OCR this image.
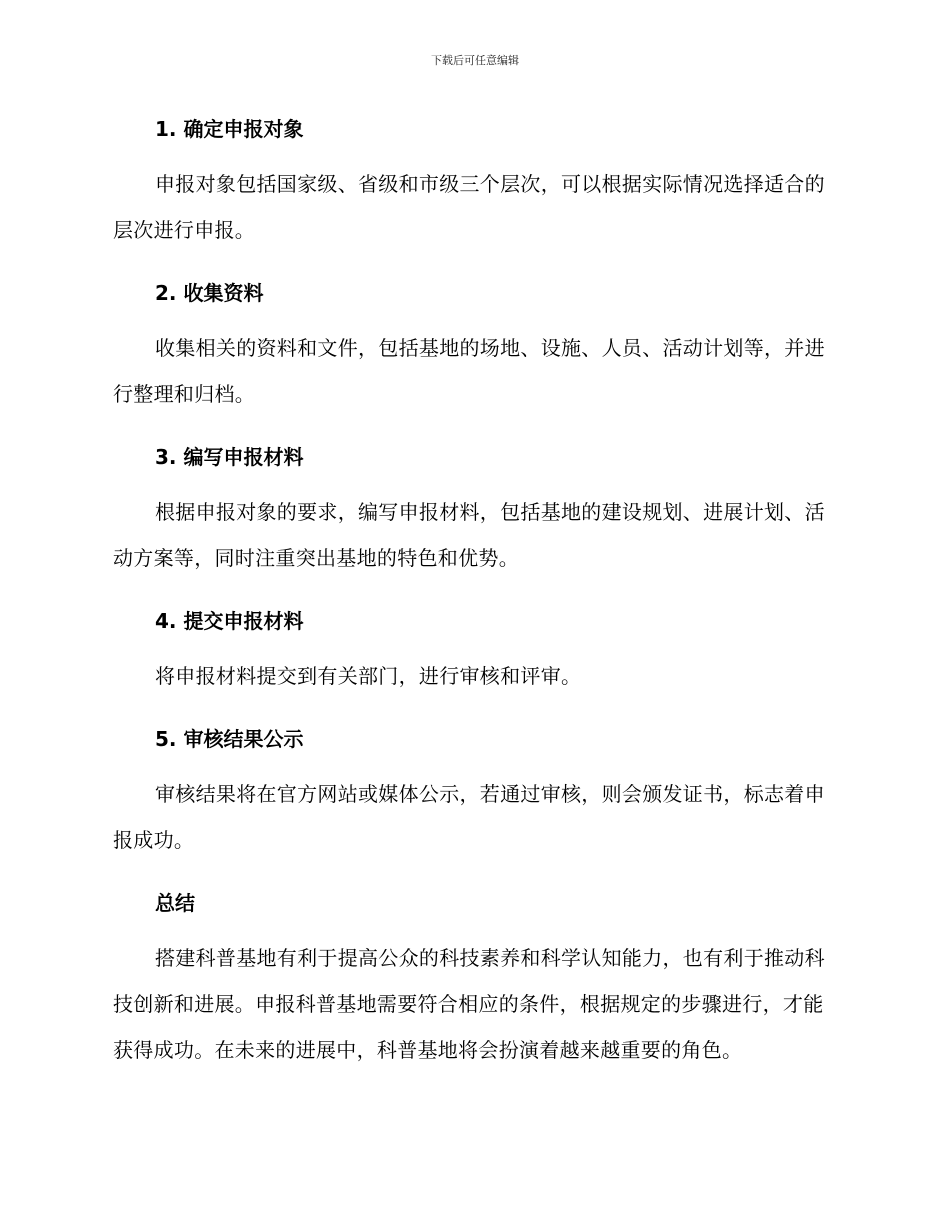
下载后可任意编辑

1. 确定申报对象

申报对象包括国家级、省级和市级三个层次，可以根据实际情况选择适合的层次进行申报。

2. 收集资料

收集相关的资料和文件，包括基地的场地、设施、人员、活动计划等，并进行整理和归档。

3. 编写申报材料

根据申报对象的要求，编写申报材料，包括基地的建设规划、进展计划、活动方案等，同时注重突出基地的特色和优势。

4. 提交申报材料

将申报材料提交到有关部门，进行审核和评审。

5. 审核结果公示

审核结果将在官方网站或媒体公示，若通过审核，则会颁发证书，标志着申报成功。

总结

搭建科普基地有利于提高公众的科技素养和科学认知能力，也有利于推动科技创新和进展。申报科普基地需要符合相应的条件，根据规定的步骤进行，才能获得成功。在未来的进展中，科普基地将会扮演着越来越重要的角色。
